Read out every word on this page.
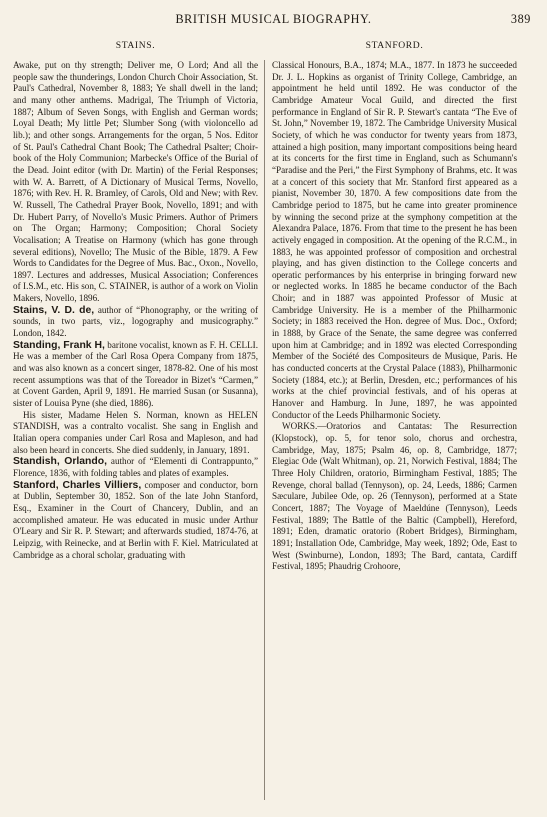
BRITISH MUSICAL BIOGRAPHY.	389
STAINS.	STANFORD.

Awake, put on thy strength; Deliver me, O Lord; And all the people saw the thunderings, London Church Choir Association, St. Paul's Cathedral, November 8, 1883; Ye shall dwell in the land; and many other anthems. Madrigal, The Triumph of Victoria, 1887; Album of Seven Songs, with English and German words; Loyal Death; My little Pet; Slumber Song (with violoncello ad lib.); and other songs. Arrangements for the organ, 5 Nos. Editor of St. Paul's Cathedral Chant Book; The Cathedral Psalter; Choir-book of the Holy Communion; Marbecke's Office of the Burial of the Dead. Joint editor (with Dr. Martin) of the Ferial Responses; with W. A. Barrett, of A Dictionary of Musical Terms, Novello, 1876; with Rev. H. R. Bramley, of Carols, Old and New; with Rev. W. Russell, The Cathedral Prayer Book, Novello, 1891; and with Dr. Hubert Parry, of Novello's Music Primers. Author of Primers on The Organ; Harmony; Composition; Choral Society Vocalisation; A Treatise on Harmony (which has gone through several editions), Novello; The Music of the Bible, 1879. A Few Words to Candidates for the Degree of Mus. Bac., Oxon., Novello, 1897. Lectures and addresses, Musical Association; Conferences of I.S.M., etc. His son, C. STAINER, is author of a work on Violin Makers, Novello, 1896.

Stains, V. D. de, author of “Phonography, or the writing of sounds, in two parts, viz., logography and musicography.” London, 1842.

Standing, Frank H, baritone vocalist, known as F. H. CELLI. He was a member of the Carl Rosa Opera Company from 1875, and was also known as a concert singer, 1878-82. One of his most recent assumptions was that of the Toreador in Bizet's “Carmen,” at Covent Garden, April 9, 1891. He married Susan (or Susanna), sister of Louisa Pyne (she died, 1886).

His sister, Madame Helen S. Norman, known as HELEN STANDISH, was a contralto vocalist. She sang in English and Italian opera companies under Carl Rosa and Mapleson, and had also been heard in concerts. She died suddenly, in January, 1891.

Standish, Orlando, author of “Elementi di Contrappunto,” Florence, 1836, with folding tables and plates of examples.

Stanford, Charles Villiers, composer and conductor, born at Dublin, September 30, 1852. Son of the late John Stanford, Esq., Examiner in the Court of Chancery, Dublin, and an accomplished amateur. He was educated in music under Arthur O'Leary and Sir R. P. Stewart; and afterwards studied, 1874-76, at Leipzig, with Reinecke, and at Berlin with F. Kiel. Matriculated at Cambridge as a choral scholar, graduating with

Classical Honours, B.A., 1874; M.A., 1877. In 1873 he succeeded Dr. J. L. Hopkins as organist of Trinity College, Cambridge, an appointment he held until 1892. He was conductor of the Cambridge Amateur Vocal Guild, and directed the first performance in England of Sir R. P. Stewart's cantata “The Eve of St. John,” November 19, 1872. The Cambridge University Musical Society, of which he was conductor for twenty years from 1873, attained a high position, many important compositions being heard at its concerts for the first time in England, such as Schumann's “Paradise and the Peri,” the First Symphony of Brahms, etc. It was at a concert of this society that Mr. Stanford first appeared as a pianist, November 30, 1870. A few compositions date from the Cambridge period to 1875, but he came into greater prominence by winning the second prize at the symphony competition at the Alexandra Palace, 1876. From that time to the present he has been actively engaged in composition. At the opening of the R.C.M., in 1883, he was appointed professor of composition and orchestral playing, and has given distinction to the College concerts and operatic performances by his enterprise in bringing forward new or neglected works. In 1885 he became conductor of the Bach Choir; and in 1887 was appointed Professor of Music at Cambridge University. He is a member of the Philharmonic Society; in 1883 received the Hon. degree of Mus. Doc., Oxford; in 1888, by Grace of the Senate, the same degree was conferred upon him at Cambridge; and in 1892 was elected Corresponding Member of the Société des Compositeurs de Musique, Paris. He has conducted concerts at the Crystal Palace (1883), Philharmonic Society (1884, etc.); at Berlin, Dresden, etc.; performances of his works at the chief provincial festivals, and of his operas at Hanover and Hamburg. In June, 1897, he was appointed Conductor of the Leeds Philharmonic Society.

WORKS.—Oratorios and Cantatas: The Resurrection (Klopstock), op. 5, for tenor solo, chorus and orchestra, Cambridge, May, 1875; Psalm 46, op. 8, Cambridge, 1877; Elegiac Ode (Walt Whitman), op. 21, Norwich Festival, 1884; The Three Holy Children, oratorio, Birmingham Festival, 1885; The Revenge, choral ballad (Tennyson), op. 24, Leeds, 1886; Carmen Sæculare, Jubilee Ode, op. 26 (Tennyson), performed at a State Concert, 1887; The Voyage of Maeldúne (Tennyson), Leeds Festival, 1889; The Battle of the Baltic (Campbell), Hereford, 1891; Eden, dramatic oratorio (Robert Bridges), Birmingham, 1891; Installation Ode, Cambridge, May week, 1892; Ode, East to West (Swinburne), London, 1893; The Bard, cantata, Cardiff Festival, 1895; Phaudrig Crohoore,
